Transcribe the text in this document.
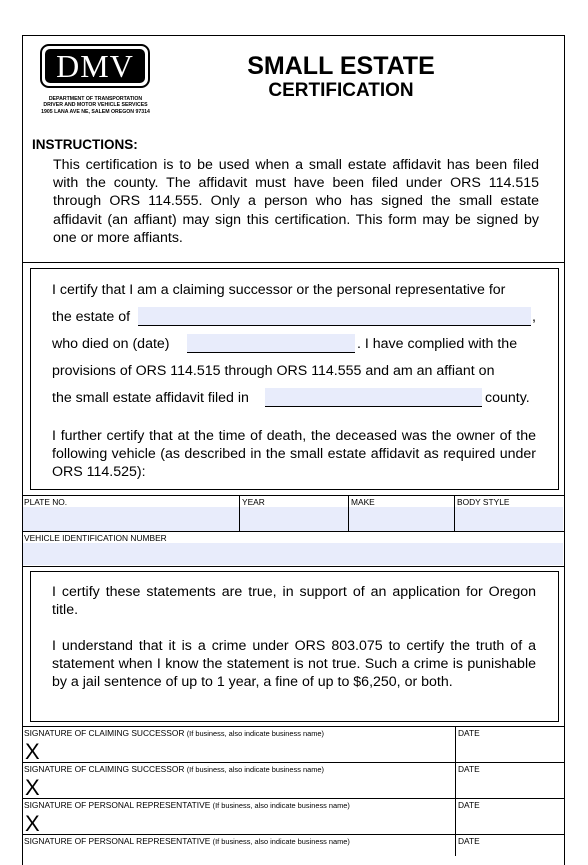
DMV
DEPARTMENT OF TRANSPORTATION
DRIVER AND MOTOR VEHICLE SERVICES
1905 LANA AVE NE, SALEM OREGON 97314
SMALL ESTATE
CERTIFICATION
INSTRUCTIONS:
This certification is to be used when a small estate affidavit has been filed with the county. The affidavit must have been filed under ORS 114.515 through ORS 114.555. Only a person who has signed the small estate affidavit (an affiant) may sign this certification. This form may be signed by one or more affiants.
I certify that I am a claiming successor or the personal representative for
the estate of	,
who died on (date)	. I have complied with the
provisions of ORS 114.515 through ORS 114.555 and am an affiant on
the small estate affidavit filed in	county.
I further certify that at the time of death, the deceased was the owner of the following vehicle (as described in the small estate affidavit as required under ORS 114.525):
PLATE NO.	YEAR	MAKE	BODY STYLE
VEHICLE IDENTIFICATION NUMBER
I certify these statements are true, in support of an application for Oregon title.
I understand that it is a crime under ORS 803.075 to certify the truth of a statement when I know the statement is not true. Such a crime is punishable by a jail sentence of up to 1 year, a fine of up to $6,250, or both.
SIGNATURE OF CLAIMING SUCCESSOR (If business, also indicate business name)	DATE
X
SIGNATURE OF CLAIMING SUCCESSOR (If business, also indicate business name)	DATE
X
SIGNATURE OF PERSONAL REPRESENTATIVE (If business, also indicate business name)	DATE
X
SIGNATURE OF PERSONAL REPRESENTATIVE (If business, also indicate business name)	DATE
